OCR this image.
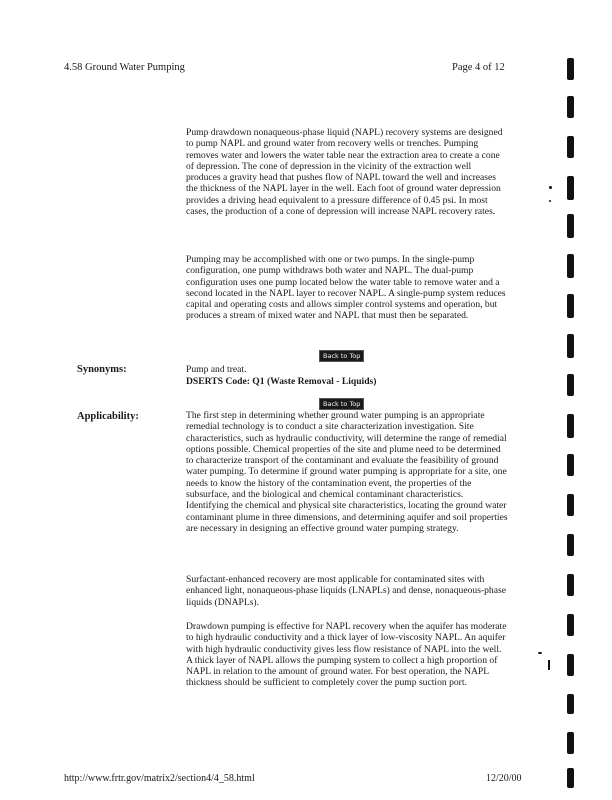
4.58 Ground Water Pumping	Page 4 of 12
Pump drawdown nonaqueous-phase liquid (NAPL) recovery systems are designed to pump NAPL and ground water from recovery wells or trenches. Pumping removes water and lowers the water table near the extraction area to create a cone of depression. The cone of depression in the vicinity of the extraction well produces a gravity head that pushes flow of NAPL toward the well and increases the thickness of the NAPL layer in the well. Each foot of ground water depression provides a driving head equivalent to a pressure difference of 0.45 psi. In most cases, the production of a cone of depression will increase NAPL recovery rates.
Pumping may be accomplished with one or two pumps. In the single-pump configuration, one pump withdraws both water and NAPL. The dual-pump configuration uses one pump located below the water table to remove water and a second located in the NAPL layer to recover NAPL. A single-pump system reduces capital and operating costs and allows simpler control systems and operation, but produces a stream of mixed water and NAPL that must then be separated.
Back to Top
Synonyms:	Pump and treat.
DSERTS Code: Q1 (Waste Removal - Liquids)
Back to Top
Applicability:	The first step in determining whether ground water pumping is an appropriate remedial technology is to conduct a site characterization investigation. Site characteristics, such as hydraulic conductivity, will determine the range of remedial options possible. Chemical properties of the site and plume need to be determined to characterize transport of the contaminant and evaluate the feasibility of ground water pumping. To determine if ground water pumping is appropriate for a site, one needs to know the history of the contamination event, the properties of the subsurface, and the biological and chemical contaminant characteristics. Identifying the chemical and physical site characteristics, locating the ground water contaminant plume in three dimensions, and determining aquifer and soil properties are necessary in designing an effective ground water pumping strategy.
Surfactant-enhanced recovery are most applicable for contaminated sites with enhanced light, nonaqueous-phase liquids (LNAPLs) and dense, nonaqueous-phase liquids (DNAPLs).
Drawdown pumping is effective for NAPL recovery when the aquifer has moderate to high hydraulic conductivity and a thick layer of low-viscosity NAPL. An aquifer with high hydraulic conductivity gives less flow resistance of NAPL into the well. A thick layer of NAPL allows the pumping system to collect a high proportion of NAPL in relation to the amount of ground water. For best operation, the NAPL thickness should be sufficient to completely cover the pump suction port.
http://www.frtr.gov/matrix2/section4/4_58.html	12/20/00
